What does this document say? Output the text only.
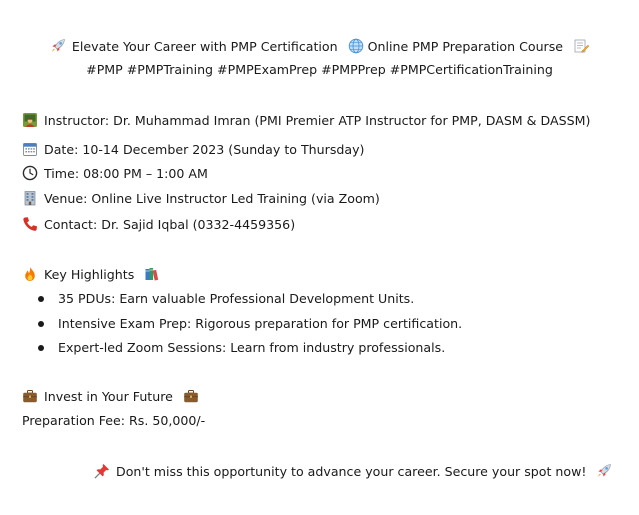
Elevate Your Career with PMP Certification Online PMP Preparation Course
#PMP #PMPTraining #PMPExamPrep #PMPPrep #PMPCertificationTraining
Instructor: Dr. Muhammad Imran (PMI Premier ATP Instructor for PMP, DASM & DASSM)
Date: 10-14 December 2023 (Sunday to Thursday)
Time: 08:00 PM – 1:00 AM
Venue: Online Live Instructor Led Training (via Zoom)
Contact: Dr. Sajid Iqbal (0332-4459356)
Key Highlights
35 PDUs: Earn valuable Professional Development Units.
Intensive Exam Prep: Rigorous preparation for PMP certification.
Expert-led Zoom Sessions: Learn from industry professionals.
Invest in Your Future
Preparation Fee: Rs. 50,000/-
Don't miss this opportunity to advance your career. Secure your spot now!
